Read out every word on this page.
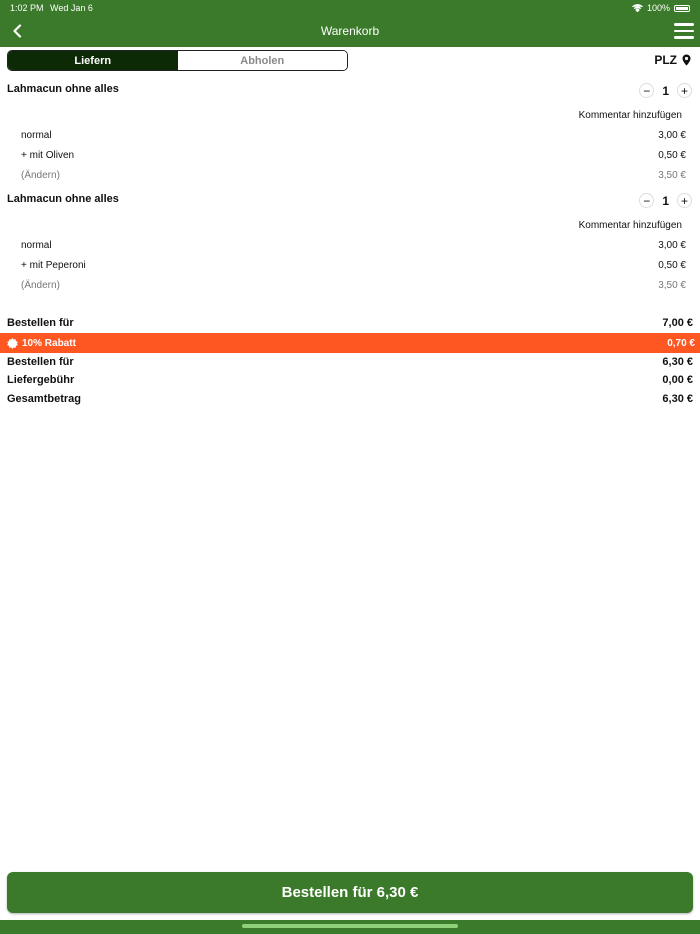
1:02 PM Wed Jan 6	100%
Warenkorb
Liefern	Abholen	PLZ
Lahmacun ohne alles	−	1 +
Kommentar hinzufügen
normal	3,00 €
+ mit Oliven	0,50 €
(Ändern)	3,50 €
Lahmacun ohne alles	−	1 +
Kommentar hinzufügen
normal	3,00 €
+ mit Peperoni	0,50 €
(Ändern)	3,50 €
Bestellen für	7,00 €
10% Rabatt	0,70 €
Bestellen für	6,30 €
Liefergebühr	0,00 €
Gesamtbetrag	6,30 €
Bestellen für 6,30 €
